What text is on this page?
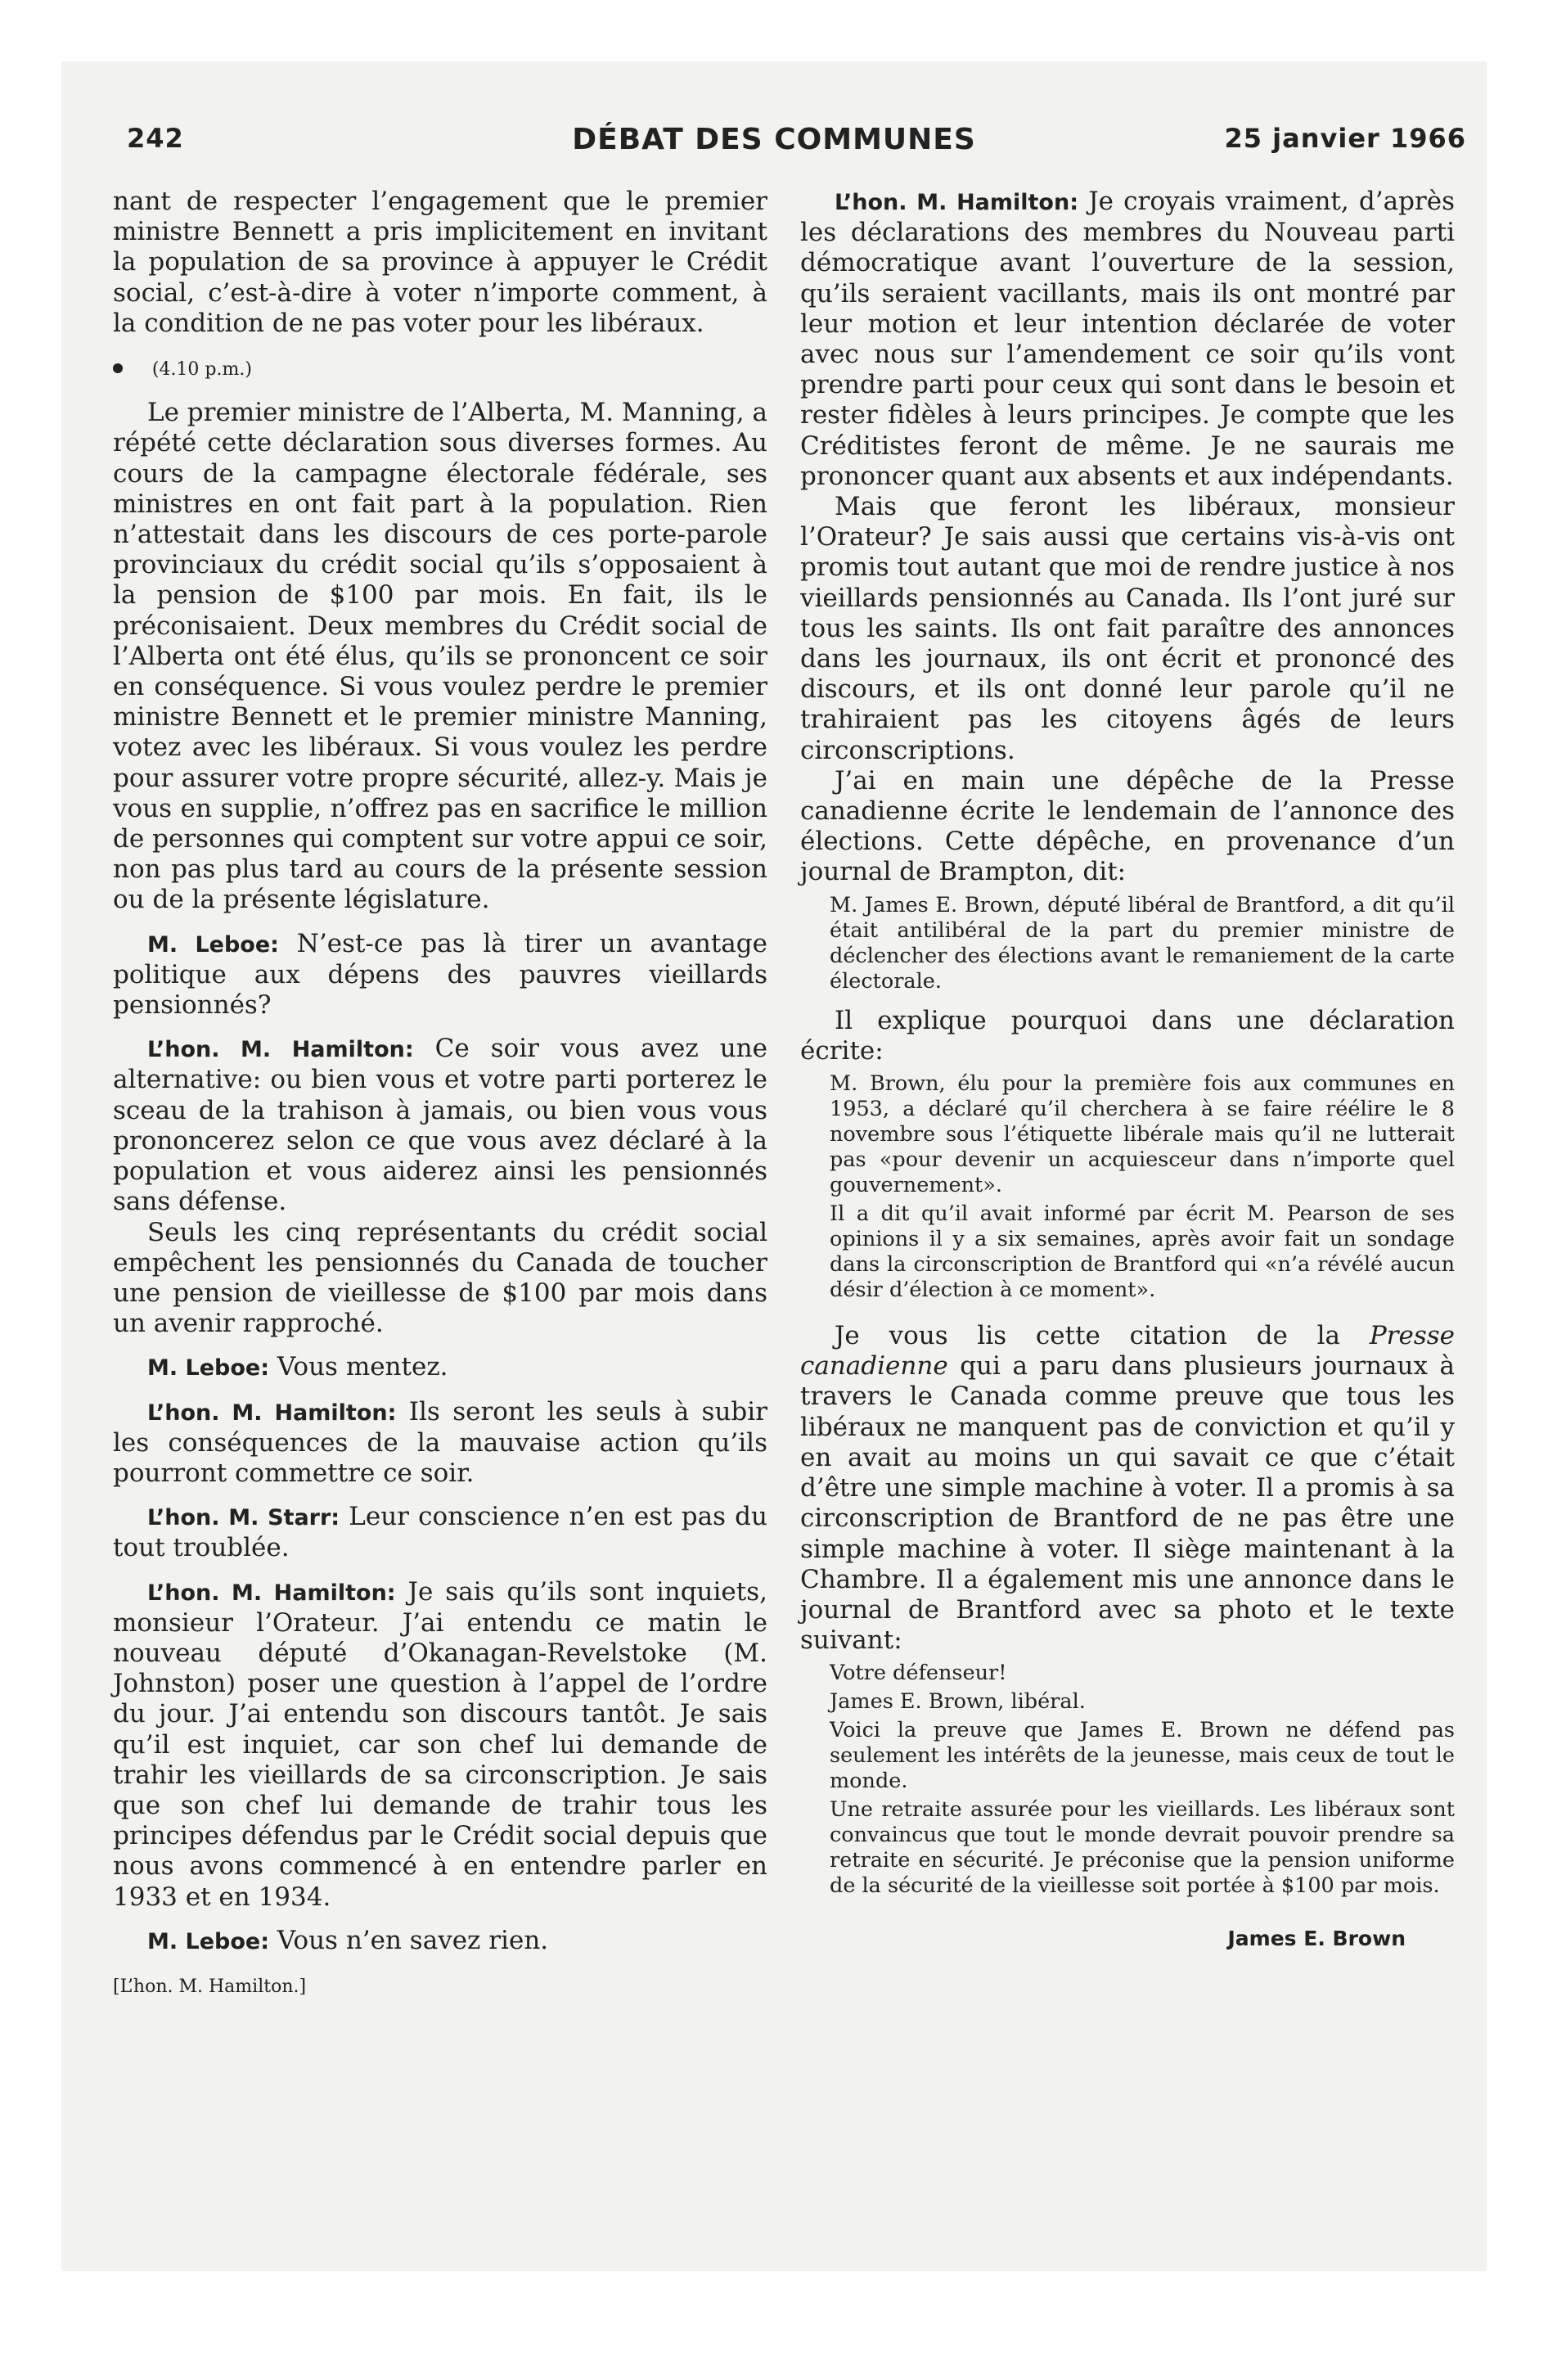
242	DÉBAT DES COMMUNES	25 janvier 1966

nant de respecter l’engagement que le premier ministre Bennett a pris implicitement en invitant la population de sa province à appuyer le Crédit social, c’est-à-dire à voter n’importe comment, à la condition de ne pas voter pour les libéraux.

(4.10 p.m.)

Le premier ministre de l’Alberta, M. Manning, a répété cette déclaration sous diverses formes. Au cours de la campagne électorale fédérale, ses ministres en ont fait part à la population. Rien n’attestait dans les discours de ces porte-parole provinciaux du crédit social qu’ils s’opposaient à la pension de $100 par mois. En fait, ils le préconisaient. Deux membres du Crédit social de l’Alberta ont été élus, qu’ils se prononcent ce soir en conséquence. Si vous voulez perdre le premier ministre Bennett et le premier ministre Manning, votez avec les libéraux. Si vous voulez les perdre pour assurer votre propre sécurité, allez-y. Mais je vous en supplie, n’offrez pas en sacrifice le million de personnes qui comptent sur votre appui ce soir, non pas plus tard au cours de la présente session ou de la présente législature.

M. Leboe: N’est-ce pas là tirer un avantage politique aux dépens des pauvres vieillards pensionnés?

L’hon. M. Hamilton: Ce soir vous avez une alternative: ou bien vous et votre parti porterez le sceau de la trahison à jamais, ou bien vous vous prononcerez selon ce que vous avez déclaré à la population et vous aiderez ainsi les pensionnés sans défense.

Seuls les cinq représentants du crédit social empêchent les pensionnés du Canada de toucher une pension de vieillesse de $100 par mois dans un avenir rapproché.

M. Leboe: Vous mentez.

L’hon. M. Hamilton: Ils seront les seuls à subir les conséquences de la mauvaise action qu’ils pourront commettre ce soir.

L’hon. M. Starr: Leur conscience n’en est pas du tout troublée.

L’hon. M. Hamilton: Je sais qu’ils sont inquiets, monsieur l’Orateur. J’ai entendu ce matin le nouveau député d’Okanagan-Revelstoke (M. Johnston) poser une question à l’appel de l’ordre du jour. J’ai entendu son discours tantôt. Je sais qu’il est inquiet, car son chef lui demande de trahir les vieillards de sa circonscription. Je sais que son chef lui demande de trahir tous les principes défendus par le Crédit social depuis que nous avons commencé à en entendre parler en 1933 et en 1934.

M. Leboe: Vous n’en savez rien.

[L’hon. M. Hamilton.]

L’hon. M. Hamilton: Je croyais vraiment, d’après les déclarations des membres du Nouveau parti démocratique avant l’ouverture de la session, qu’ils seraient vacillants, mais ils ont montré par leur motion et leur intention déclarée de voter avec nous sur l’amendement ce soir qu’ils vont prendre parti pour ceux qui sont dans le besoin et rester fidèles à leurs principes. Je compte que les Créditistes feront de même. Je ne saurais me prononcer quant aux absents et aux indépendants.

Mais que feront les libéraux, monsieur l’Orateur? Je sais aussi que certains vis-à-vis ont promis tout autant que moi de rendre justice à nos vieillards pensionnés au Canada. Ils l’ont juré sur tous les saints. Ils ont fait paraître des annonces dans les journaux, ils ont écrit et prononcé des discours, et ils ont donné leur parole qu’il ne trahiraient pas les citoyens âgés de leurs circonscriptions.

J’ai en main une dépêche de la Presse canadienne écrite le lendemain de l’annonce des élections. Cette dépêche, en provenance d’un journal de Brampton, dit:

M. James E. Brown, député libéral de Brantford, a dit qu’il était antilibéral de la part du premier ministre de déclencher des élections avant le remaniement de la carte électorale.

Il explique pourquoi dans une déclaration écrite:

M. Brown, élu pour la première fois aux communes en 1953, a déclaré qu’il cherchera à se faire réélire le 8 novembre sous l’étiquette libérale mais qu’il ne lutterait pas «pour devenir un acquiesceur dans n’importe quel gouvernement».

Il a dit qu’il avait informé par écrit M. Pearson de ses opinions il y a six semaines, après avoir fait un sondage dans la circonscription de Brantford qui «n’a révélé aucun désir d’élection à ce moment».

Je vous lis cette citation de la Presse canadienne qui a paru dans plusieurs journaux à travers le Canada comme preuve que tous les libéraux ne manquent pas de conviction et qu’il y en avait au moins un qui savait ce que c’était d’être une simple machine à voter. Il a promis à sa circonscription de Brantford de ne pas être une simple machine à voter. Il siège maintenant à la Chambre. Il a également mis une annonce dans le journal de Brantford avec sa photo et le texte suivant:

Votre défenseur!

James E. Brown, libéral.

Voici la preuve que James E. Brown ne défend pas seulement les intérêts de la jeunesse, mais ceux de tout le monde.

Une retraite assurée pour les vieillards. Les libéraux sont convaincus que tout le monde devrait pouvoir prendre sa retraite en sécurité. Je préconise que la pension uniforme de la sécurité de la vieillesse soit portée à $100 par mois.

James E. Brown
